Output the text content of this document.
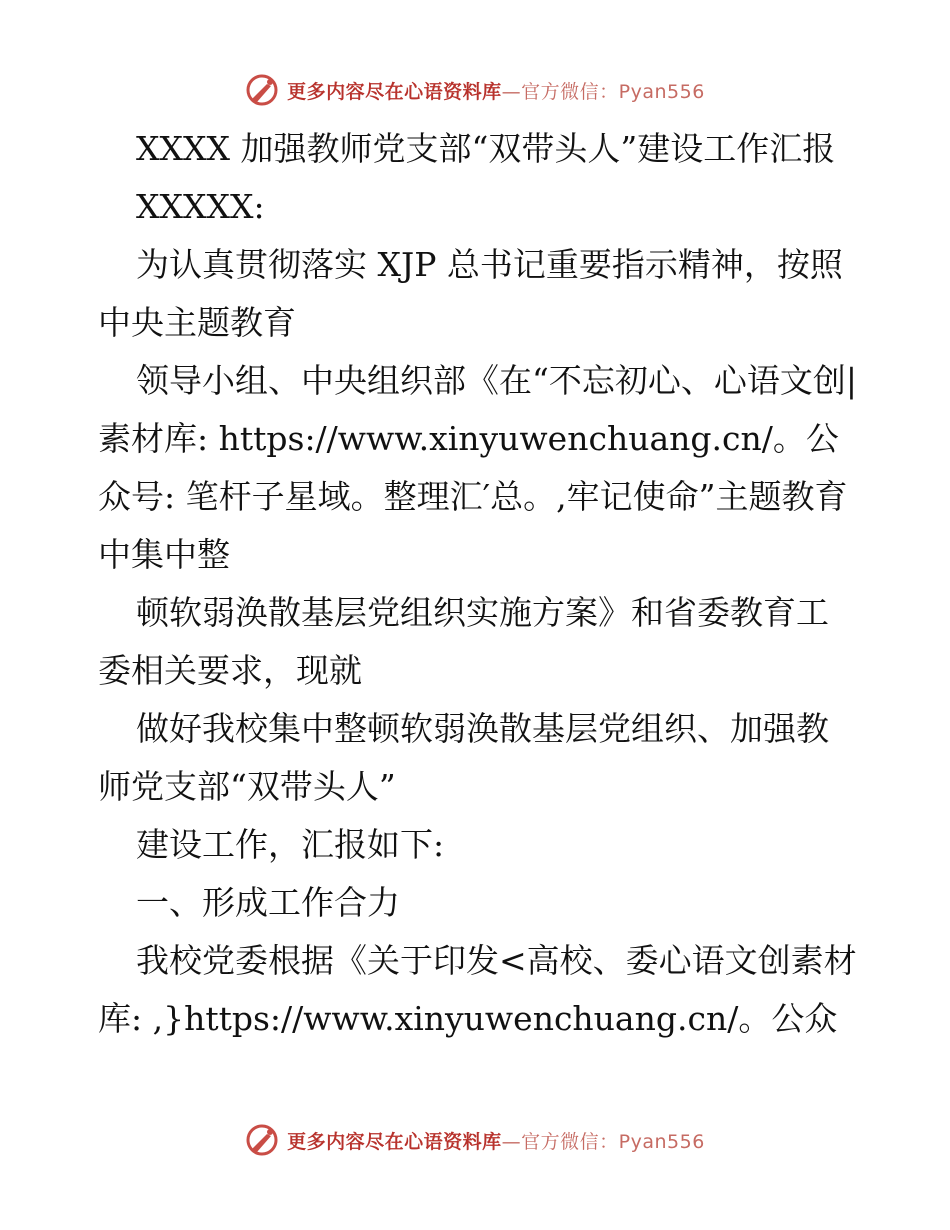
更多内容尽在心语资料库—官方微信：Pyan556

XXXX 加强教师党支部“双带头人”建设工作汇报

XXXXX:

为认真贯彻落实 XJP 总书记重要指示精神，按照中央主题教育

领导小组、中央组织部《在“不忘初心、心语文创|素材库: https://www.xinyuwenchuang.cn/。公众号: 笔杆子星域。整理汇′总。,牢记使命”主题教育中集中整

顿软弱涣散基层党组织实施方案》和省委教育工委相关要求，现就

做好我校集中整顿软弱涣散基层党组织、加强教师党支部“双带头人”

建设工作，汇报如下:

一、形成工作合力

我校党委根据《关于印发<高校、委心语文创素材库: ,}https://www.xinyuwenchuang.cn/。公众

更多内容尽在心语资料库—官方微信：Pyan556
